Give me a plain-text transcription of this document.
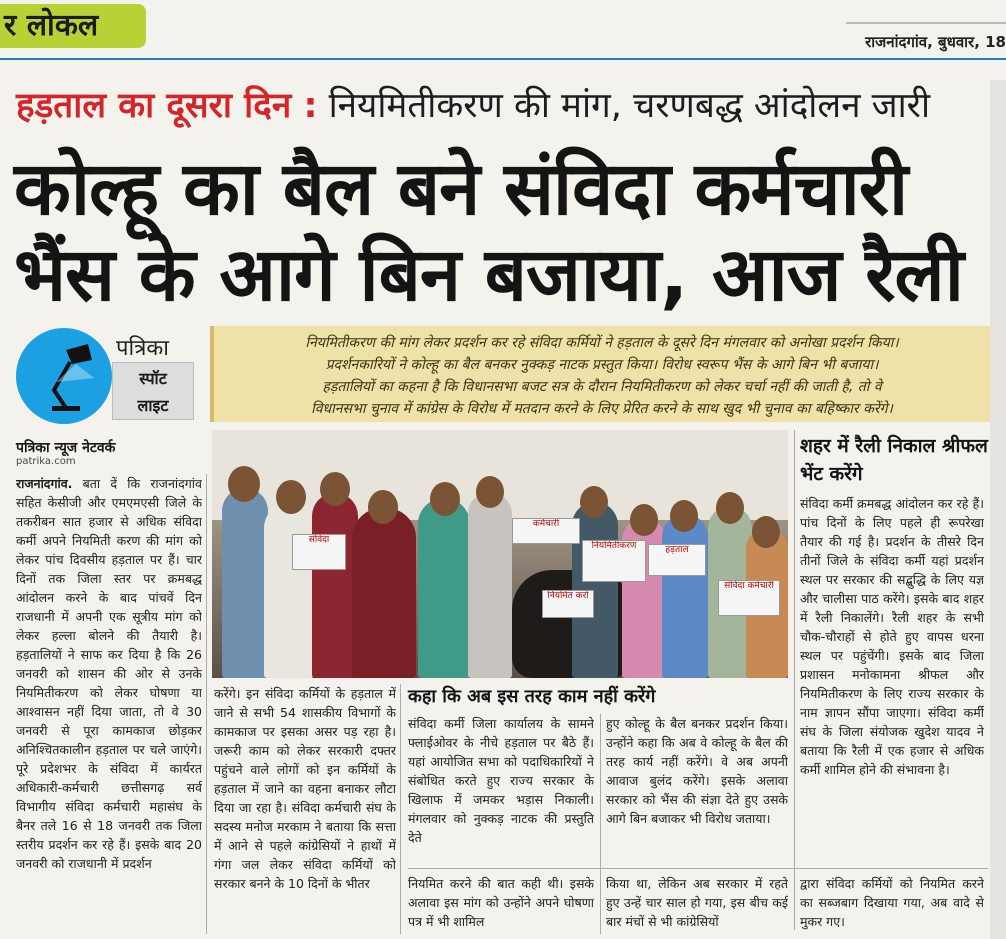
र लोकल	राजनांदगांव, बुधवार, 18
हड़ताल का दूसरा दिन : नियमितीकरण की मांग, चरणबद्ध आंदोलन जारी
कोल्हू का बैल बने संविदा कर्मचारी
भैंस के आगे बिन बजाया, आज रैली
पत्रिका
स्पॉट
लाइट
नियमितीकरण की मांग लेकर प्रदर्शन कर रहे संविदा कर्मियों ने हड़ताल के दूसरे दिन मंगलवार को अनोखा प्रदर्शन किया।
प्रदर्शनकारियों ने कोल्हू का बैल बनकर नुक्कड़ नाटक प्रस्तुत किया। विरोध स्वरूप भैंस के आगे बिन भी बजाया।
हड़तालियों का कहना है कि विधानसभा बजट सत्र के दौरान नियमितीकरण को लेकर चर्चा नहीं की जाती है, तो वे
विधानसभा चुनाव में कांग्रेस के विरोध में मतदान करने के लिए प्रेरित करने के साथ खुद भी चुनाव का बहिष्कार करेंगे।
पत्रिका न्यूज नेटवर्क
patrika.com
राजनांदगांव. बता दें कि राजनांदगांव सहित केसीजी और एमएमएसी जिले के तकरीबन सात हजार से अधिक संविदा कर्मी अपने नियमिती करण की मांग को लेकर पांच दिवसीय हड़ताल पर हैं। चार दिनों तक जिला स्तर पर क्रमबद्ध आंदोलन करने के बाद पांचवें दिन राजधानी में अपनी एक सूत्रीय मांग को लेकर हल्ला बोलने की तैयारी है। हड़तालियों ने साफ कर दिया है कि 26 जनवरी को शासन की ओर से उनके नियमितीकरण को लेकर घोषणा या आश्वासन नहीं दिया जाता, तो वे 30 जनवरी से पूरा कामकाज छोड़कर अनिश्चितकालीन हड़ताल पर चले जाएंगे। पूरे प्रदेशभर के संविदा में कार्यरत अधिकारी-कर्मचारी छत्तीसगढ़ सर्व विभागीय संविदा कर्मचारी महासंघ के बैनर तले 16 से 18 जनवरी तक जिला स्तरीय प्रदर्शन कर रहे हैं। इसके बाद 20 जनवरी को राजधानी में प्रदर्शन
संविदा
कर्मचारी
नियमितीकरण	हड़ताल
संविदा कर्मचारी
नियमित करो
शहर में रैली निकाल श्रीफल भेंट करेंगे
संविदा कर्मी क्रमबद्ध आंदोलन कर रहे हैं। पांच दिनों के लिए पहले ही रूपरेखा तैयार की गई है। प्रदर्शन के तीसरे दिन तीनों जिले के संविदा कर्मी यहां प्रदर्शन स्थल पर सरकार की सद्बुद्धि के लिए यज्ञ और चालीसा पाठ करेंगे। इसके बाद शहर में रैली निकालेंगे। रैली शहर के सभी चौक-चौराहों से होते हुए वापस धरना स्थल पर पहुंचेंगी। इसके बाद जिला प्रशासन मनोकामना श्रीफल और नियमितीकरण के लिए राज्य सरकार के नाम ज्ञापन सौंपा जाएगा। संविदा कर्मी संघ के जिला संयोजक खुदेश यादव ने बताया कि रैली में एक हजार से अधिक कर्मी शामिल होने की संभावना है।
करेंगे। इन संविदा कर्मियों के हड़ताल में जाने से सभी 54 शासकीय विभागों के कामकाज पर इसका असर पड़ रहा है। जरूरी काम को लेकर सरकारी दफ्तर पहुंचने वाले लोगों को इन कर्मियों के हड़ताल में जाने का वहना बनाकर लौटा दिया जा रहा है। संविदा कर्मचारी संघ के सदस्य मनोज मरकाम ने बताया कि सत्ता में आने से पहले कांग्रेसियों ने हाथों में गंगा जल लेकर संविदा कर्मियों को सरकार बनने के 10 दिनों के भीतर
कहा कि अब इस तरह काम नहीं करेंगे
संविदा कर्मी जिला कार्यालय के सामने फ्लाईओवर के नीचे हड़ताल पर बैठे हैं। यहां आयोजित सभा को पदाधिकारियों ने संबोधित करते हुए राज्य सरकार के खिलाफ में जमकर भड़ास निकाली। मंगलवार को नुक्कड़ नाटक की प्रस्तुति देते
हुए कोल्हू के बैल बनकर प्रदर्शन किया। उन्होंने कहा कि अब वे कोल्हू के बैल की तरह कार्य नहीं करेंगे। वे अब अपनी आवाज बुलंद करेंगे। इसके अलावा सरकार को भैंस की संज्ञा देते हुए उसके आगे बिन बजाकर भी विरोध जताया।
नियमित करने की बात कही थी। इसके अलावा इस मांग को उन्होंने अपने घोषणा पत्र में भी शामिल
किया था, लेकिन अब सरकार में रहते हुए उन्हें चार साल हो गया, इस बीच कई बार मंचों से भी कांग्रेसियों
द्वारा संविदा कर्मियों को नियमित करने का सब्जबाग दिखाया गया, अब वादे से मुकर गए।
